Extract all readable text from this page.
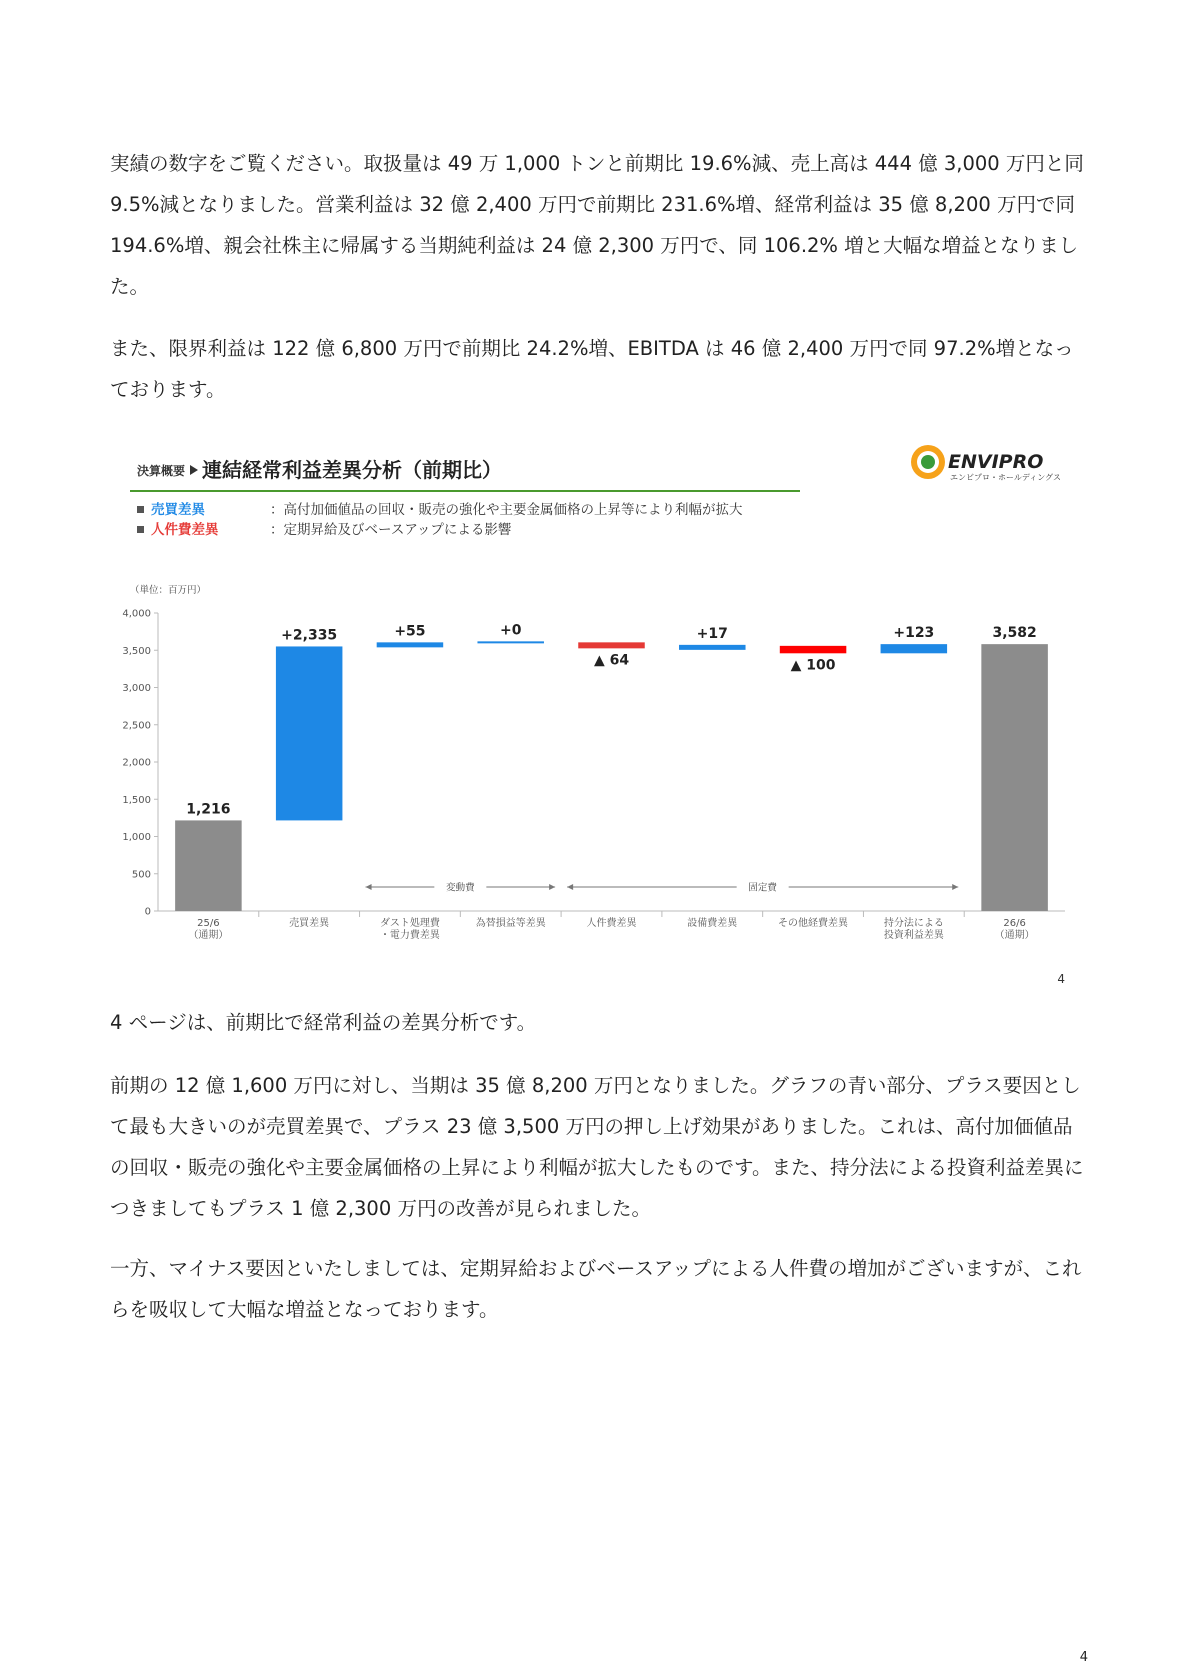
実績の数字をご覧ください。取扱量は 49 万 1,000 トンと前期比 19.6%減、売上高は 444 億 3,000 万円と同 9.5%減となりました。営業利益は 32 億 2,400 万円で前期比 231.6%増、経常利益は 35 億 8,200 万円で同 194.6%増、親会社株主に帰属する当期純利益は 24 億 2,300 万円で、同 106.2% 増と大幅な増益となりました。

また、限界利益は 122 億 6,800 万円で前期比 24.2%増、EBITDA は 46 億 2,400 万円で同 97.2%増となっております。

決算概要 連結経常利益差異分析（前期比）	ENVIPRO
エンビプロ・ホールディングス
売買差異	：高付加価値品の回収・販売の強化や主要金属価格の上昇等により利幅が拡大
人件費差異	：定期昇給及びベースアップによる影響
（単位：百万円）
0
500
1,000
1,500
2,000
2,500
3,000
3,500
4,000
1,216
+2,335	+55	+0
▲ 64
+17
▲ 100
+123	3,582
25/6
（通期）
売買差異	ダスト処理費
・電力費差異
為替損益等差異	人件費差異	設備費差異	その他経費差異	持分法による
投資利益差異
26/6
（通期）
変動費	固定費
4

4 ページは、前期比で経常利益の差異分析です。

前期の 12 億 1,600 万円に対し、当期は 35 億 8,200 万円となりました。グラフの青い部分、プラス要因として最も大きいのが売買差異で、プラス 23 億 3,500 万円の押し上げ効果がありました。これは、高付加価値品の回収・販売の強化や主要金属価格の上昇により利幅が拡大したものです。また、持分法による投資利益差異につきましてもプラス 1 億 2,300 万円の改善が見られました。

一方、マイナス要因といたしましては、定期昇給およびベースアップによる人件費の増加がございますが、これらを吸収して大幅な増益となっております。

4
